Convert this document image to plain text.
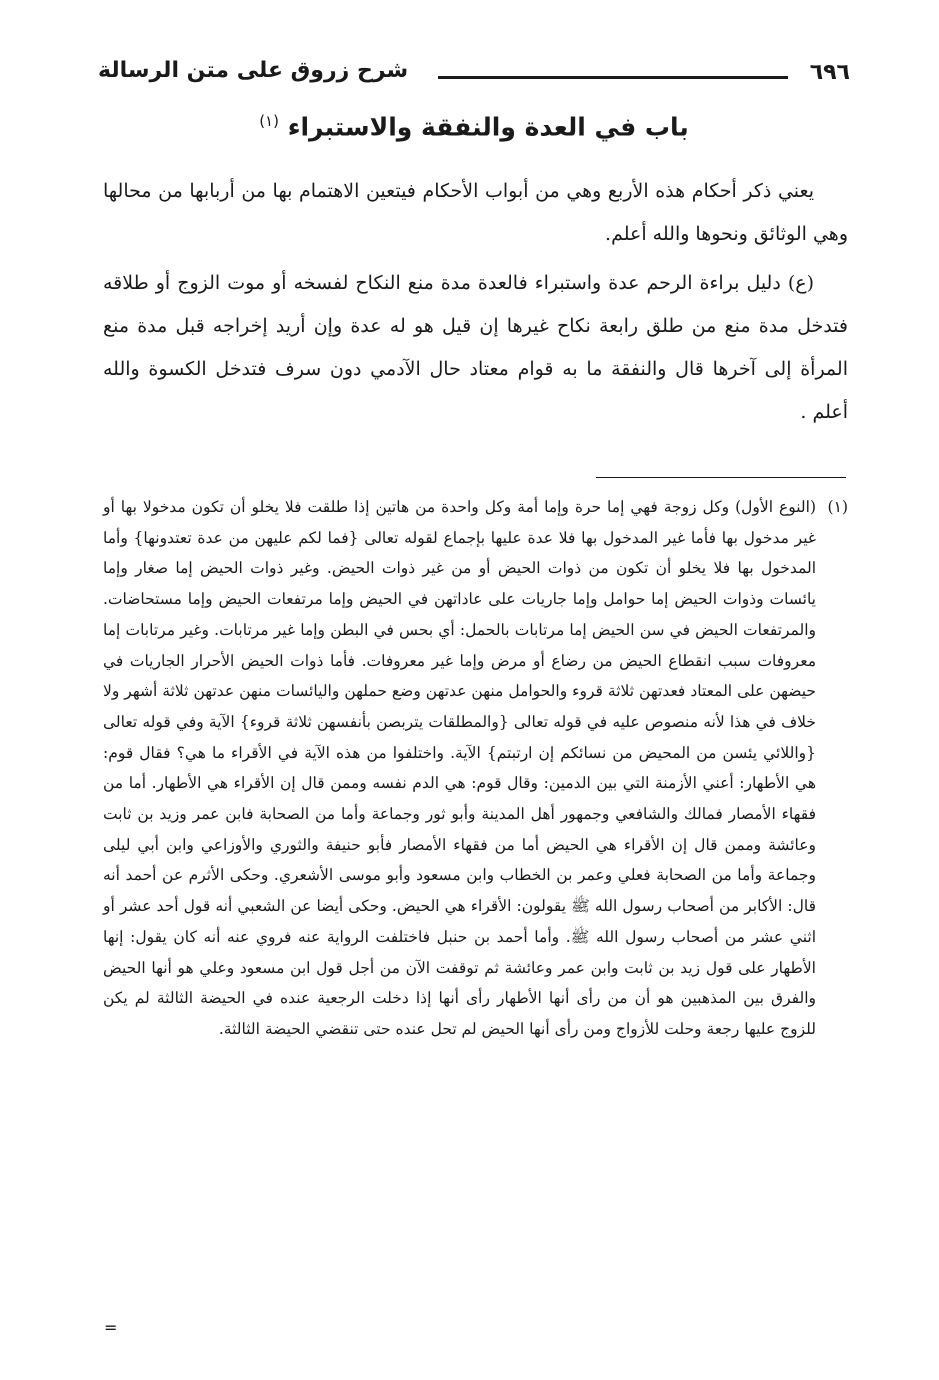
٦٩٦
شرح زروق على متن الرسالة
باب في العدة والنفقة والاستبراء $^{(١)}$

يعني ذكر أحكام هذه الأربع وهي من أبواب الأحكام فيتعين الاهتمام بها من أربابها من محالها وهي الوثائق ونحوها والله أعلم.

(ع) دليل براءة الرحم عدة واستبراء فالعدة مدة منع النكاح لفسخه أو موت الزوج أو طلاقه فتدخل مدة منع من طلق رابعة نكاح غيرها إن قيل هو له عدة وإن أريد إخراجه قبل مدة منع المرأة إلى آخرها قال والنفقة ما به قوام معتاد حال الآدمي دون سرف فتدخل الكسوة والله أعلم .

(١)(النوع الأول) وكل زوجة فهي إما حرة وإما أمة وكل واحدة من هاتين إذا طلقت فلا يخلو أن تكون مدخولا بها أو غير مدخول بها فأما غير المدخول بها فلا عدة عليها بإجماع لقوله تعالى {فما لكم عليهن من عدة تعتدونها} وأما المدخول بها فلا يخلو أن تكون من ذوات الحيض أو من غير ذوات الحيض. وغير ذوات الحيض إما صغار وإما يائسات وذوات الحيض إما حوامل وإما جاريات على عاداتهن في الحيض وإما مرتفعات الحيض وإما مستحاضات. والمرتفعات الحيض في سن الحيض إما مرتابات بالحمل: أي بحس في البطن وإما غير مرتابات. وغير مرتابات إما معروفات سبب انقطاع الحيض من رضاع أو مرض وإما غير معروفات. فأما ذوات الحيض الأحرار الجاريات في حيضهن على المعتاد فعدتهن ثلاثة قروء والحوامل منهن عدتهن وضع حملهن واليائسات منهن عدتهن ثلاثة أشهر ولا خلاف في هذا لأنه منصوص عليه في قوله تعالى {والمطلقات يتربصن بأنفسهن ثلاثة قروء} الآية وفي قوله تعالى {واللائي يئسن من المحيض من نسائكم إن ارتبتم} الآية. واختلفوا من هذه الآية في الأقراء ما هي؟ فقال قوم: هي الأطهار: أعني الأزمنة التي بين الدمين: وقال قوم: هي الدم نفسه وممن قال إن الأقراء هي الأطهار. أما من فقهاء الأمصار فمالك والشافعي وجمهور أهل المدينة وأبو ثور وجماعة وأما من الصحابة فابن عمر وزيد بن ثابت وعائشة وممن قال إن الأقراء هي الحيض أما من فقهاء الأمصار فأبو حنيفة والثوري والأوزاعي وابن أبي ليلى وجماعة وأما من الصحابة فعلي وعمر بن الخطاب وابن مسعود وأبو موسى الأشعري. وحكى الأثرم عن أحمد أنه قال: الأكابر من أصحاب رسول الله ﷺ يقولون: الأقراء هي الحيض. وحكى أيضا عن الشعبي أنه قول أحد عشر أو اثني عشر من أصحاب رسول الله ﷺ. وأما أحمد بن حنبل فاختلفت الرواية عنه فروي عنه أنه كان يقول: إنها الأطهار على قول زيد بن ثابت وابن عمر وعائشة ثم توقفت الآن من أجل قول ابن مسعود وعلي هو أنها الحيض والفرق بين المذهبين هو أن من رأى أنها الأطهار رأى أنها إذا دخلت الرجعية عنده في الحيضة الثالثة لم يكن للزوج عليها رجعة وحلت للأزواج ومن رأى أنها الحيض لم تحل عنده حتى تنقضي الحيضة الثالثة.

=
